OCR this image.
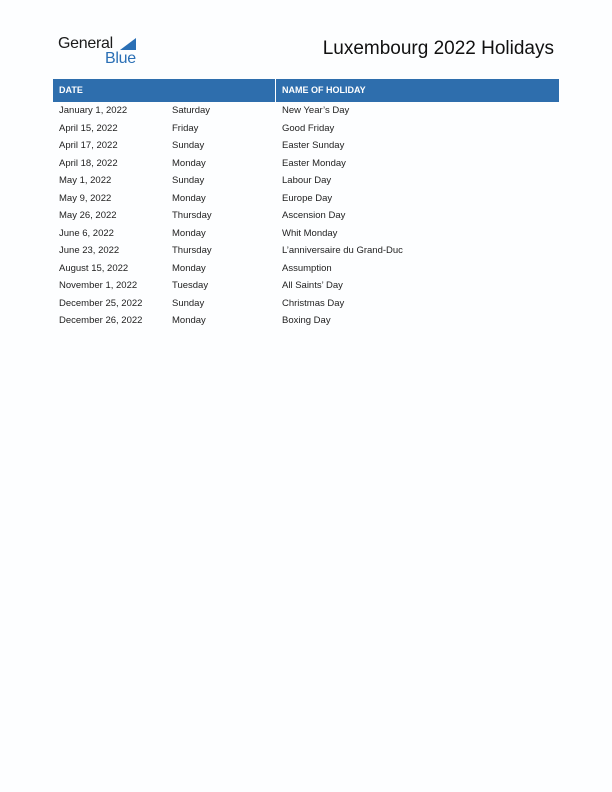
General
Blue	Luxembourg 2022 Holidays
DATE	NAME OF HOLIDAY
January 1, 2022	Saturday	New Year’s Day
April 15, 2022	Friday	Good Friday
April 17, 2022	Sunday	Easter Sunday
April 18, 2022	Monday	Easter Monday
May 1, 2022	Sunday	Labour Day
May 9, 2022	Monday	Europe Day
May 26, 2022	Thursday	Ascension Day
June 6, 2022	Monday	Whit Monday
June 23, 2022	Thursday	L’anniversaire du Grand-Duc
August 15, 2022	Monday	Assumption
November 1, 2022	Tuesday	All Saints’ Day
December 25, 2022	Sunday	Christmas Day
December 26, 2022	Monday	Boxing Day
